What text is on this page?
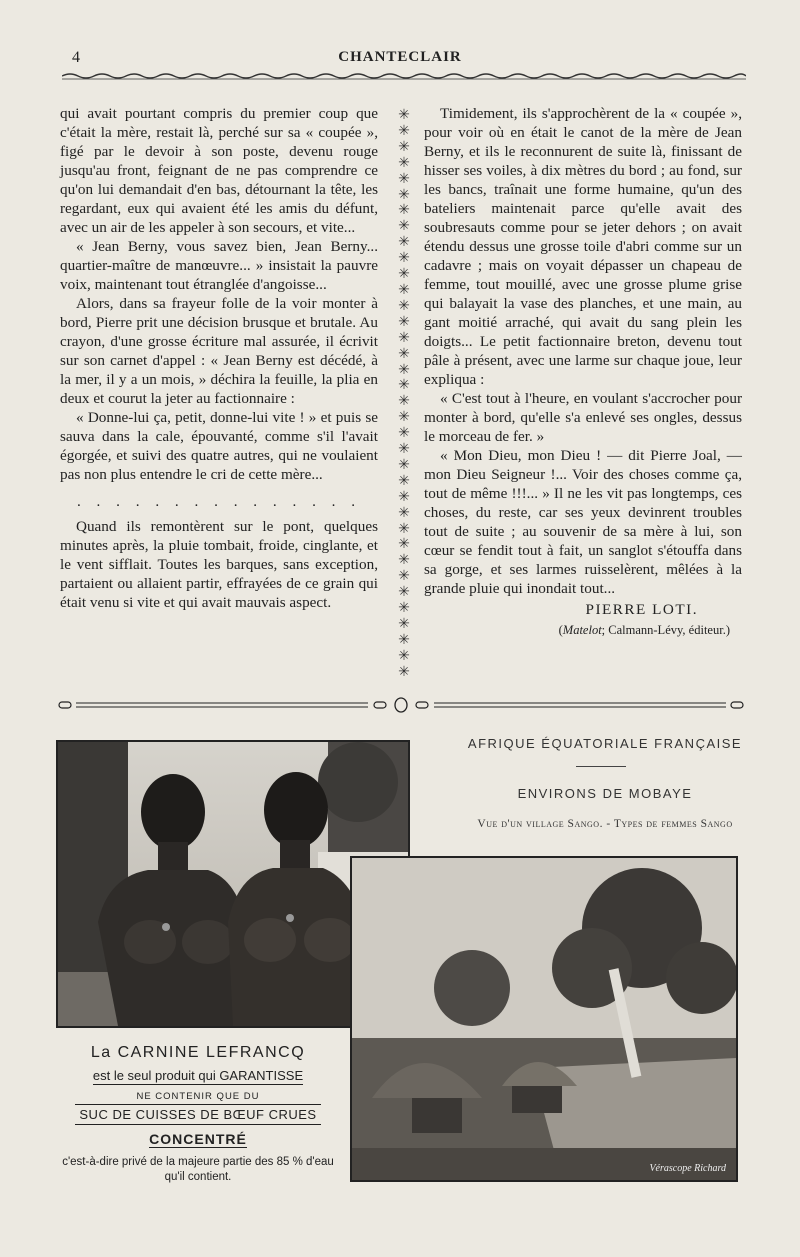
4	CHANTECLAIR

qui avait pourtant compris du premier coup que c'était la mère, restait là, perché sur sa « coupée », figé par le devoir à son poste, devenu rouge jusqu'au front, feignant de ne pas comprendre ce qu'on lui demandait d'en bas, détournant la tête, les regardant, eux qui avaient été les amis du défunt, avec un air de les appeler à son secours, et vite...

« Jean Berny, vous savez bien, Jean Berny... quartier-maître de manœuvre... » insistait la pauvre voix, maintenant tout étranglée d'angoisse...

Alors, dans sa frayeur folle de la voir monter à bord, Pierre prit une décision brusque et brutale. Au crayon, d'une grosse écriture mal assurée, il écrivit sur son carnet d'appel : « Jean Berny est décédé, à la mer, il y a un mois, » déchira la feuille, la plia en deux et courut la jeter au factionnaire :

« Donne-lui ça, petit, donne-lui vite ! » et puis se sauva dans la cale, épouvanté, comme s'il l'avait égorgée, et suivi des quatre autres, qui ne voulaient pas non plus entendre le cri de cette mère...

. . . . . . . . . . . . . . .

Quand ils remontèrent sur le pont, quelques minutes après, la pluie tombait, froide, cinglante, et le vent sifflait. Toutes les barques, sans exception, partaient ou allaient partir, effrayées de ce grain qui était venu si vite et qui avait mauvais aspect.

✳
✳
✳
✳
✳
✳
✳
✳
✳
✳
✳
✳
✳
✳
✳
✳
✳
✳
✳
✳
✳
✳
✳
✳
✳
✳
✳
✳
✳
✳
✳
✳
✳
✳
✳
✳

Timidement, ils s'approchèrent de la « coupée », pour voir où en était le canot de la mère de Jean Berny, et ils le reconnurent de suite là, finissant de hisser ses voiles, à dix mètres du bord ; au fond, sur les bancs, traînait une forme humaine, qu'un des bateliers maintenait parce qu'elle avait des soubresauts comme pour se jeter dehors ; on avait étendu dessus une grosse toile d'abri comme sur un cadavre ; mais on voyait dépasser un chapeau de femme, tout mouillé, avec une grosse plume grise qui balayait la vase des planches, et une main, au gant moitié arraché, qui avait du sang plein les doigts... Le petit factionnaire breton, devenu tout pâle à présent, avec une larme sur chaque joue, leur expliqua :

« C'est tout à l'heure, en voulant s'accrocher pour monter à bord, qu'elle s'a enlevé ses ongles, dessus le morceau de fer. »

« Mon Dieu, mon Dieu ! — dit Pierre Joal, — mon Dieu Seigneur !... Voir des choses comme ça, tout de même !!!... » Il ne les vit pas longtemps, ces choses, du reste, car ses yeux devinrent troubles tout de suite ; au souvenir de sa mère à lui, son cœur se fendit tout à fait, un sanglot s'étouffa dans sa gorge, et ses larmes ruisselèrent, mêlées à la grande pluie qui inondait tout...

PIERRE LOTI.
(Matelot; Calmann-Lévy, éditeur.)
AFRIQUE ÉQUATORIALE FRANÇAISE
ENVIRONS DE MOBAYE
Vue d'un village Sango. - Types de femmes Sango
Vérascope Richard
La CARNINE LEFRANCQ
est le seul produit qui GARANTISSE
NE CONTENIR QUE DU
SUC DE CUISSES DE BŒUF CRUES
CONCENTRÉ
c'est-à-dire privé de la majeure partie des 85 % d'eau qu'il contient.
